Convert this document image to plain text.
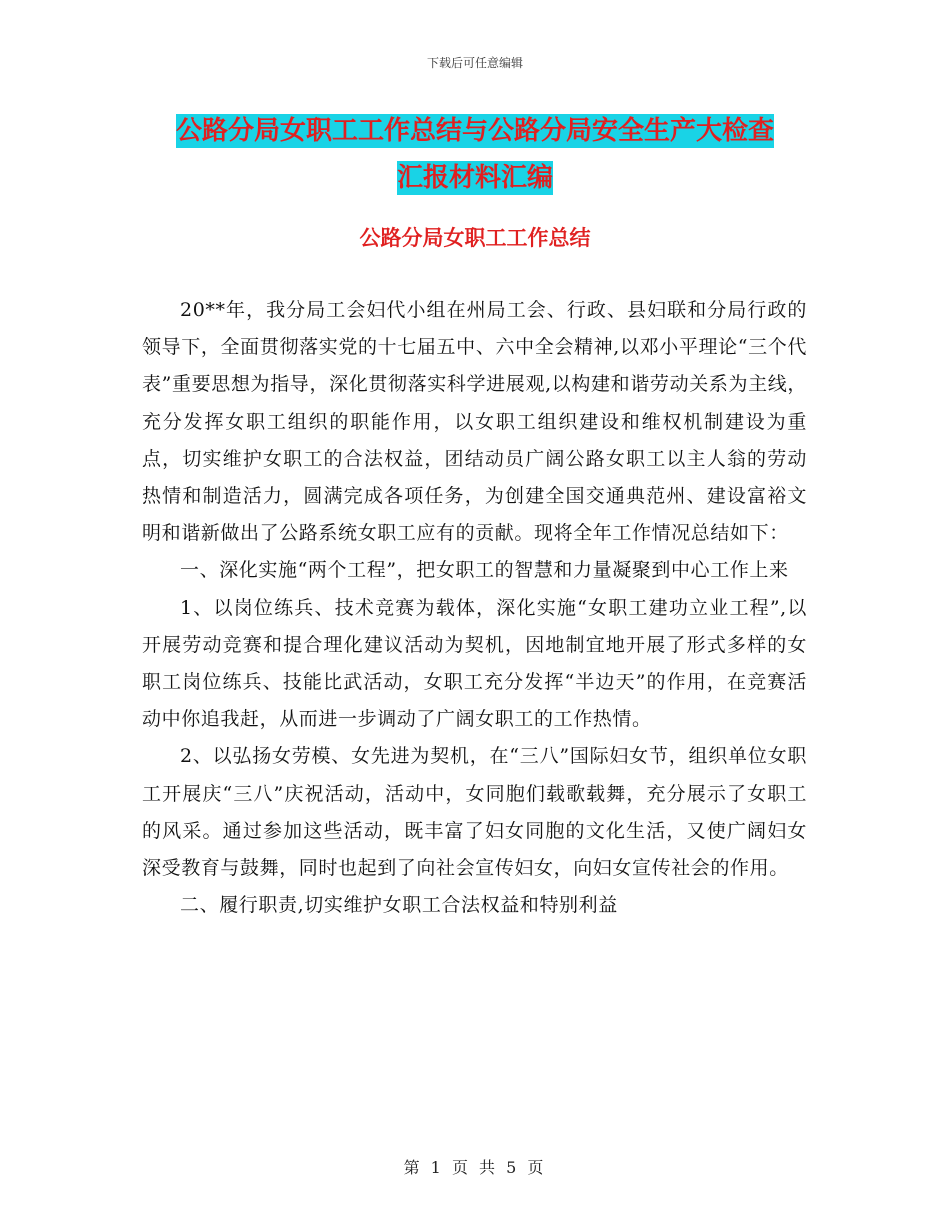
下载后可任意编辑
公路分局女职工工作总结与公路分局安全生产大检查
汇报材料汇编
公路分局女职工工作总结

20**年，我分局工会妇代小组在州局工会、行政、县妇联和分局行政的领导下，全面贯彻落实党的十七届五中、六中全会精神,以邓小平理论“三个代表”重要思想为指导，深化贯彻落实科学进展观,以构建和谐劳动关系为主线，充分发挥女职工组织的职能作用，以女职工组织建设和维权机制建设为重点，切实维护女职工的合法权益，团结动员广阔公路女职工以主人翁的劳动热情和制造活力，圆满完成各项任务，为创建全国交通典范州、建设富裕文明和谐新做出了公路系统女职工应有的贡献。现将全年工作情况总结如下：

一、深化实施“两个工程”，把女职工的智慧和力量凝聚到中心工作上来

1、以岗位练兵、技术竞赛为载体，深化实施“女职工建功立业工程”,以开展劳动竞赛和提合理化建议活动为契机，因地制宜地开展了形式多样的女职工岗位练兵、技能比武活动，女职工充分发挥“半边天”的作用，在竞赛活动中你追我赶，从而进一步调动了广阔女职工的工作热情。

2、以弘扬女劳模、女先进为契机，在“三八”国际妇女节，组织单位女职工开展庆“三八”庆祝活动，活动中，女同胞们载歌载舞，充分展示了女职工的风采。通过参加这些活动，既丰富了妇女同胞的文化生活，又使广阔妇女深受教育与鼓舞，同时也起到了向社会宣传妇女，向妇女宣传社会的作用。

二、履行职责,切实维护女职工合法权益和特别利益

第 1 页 共 5 页
